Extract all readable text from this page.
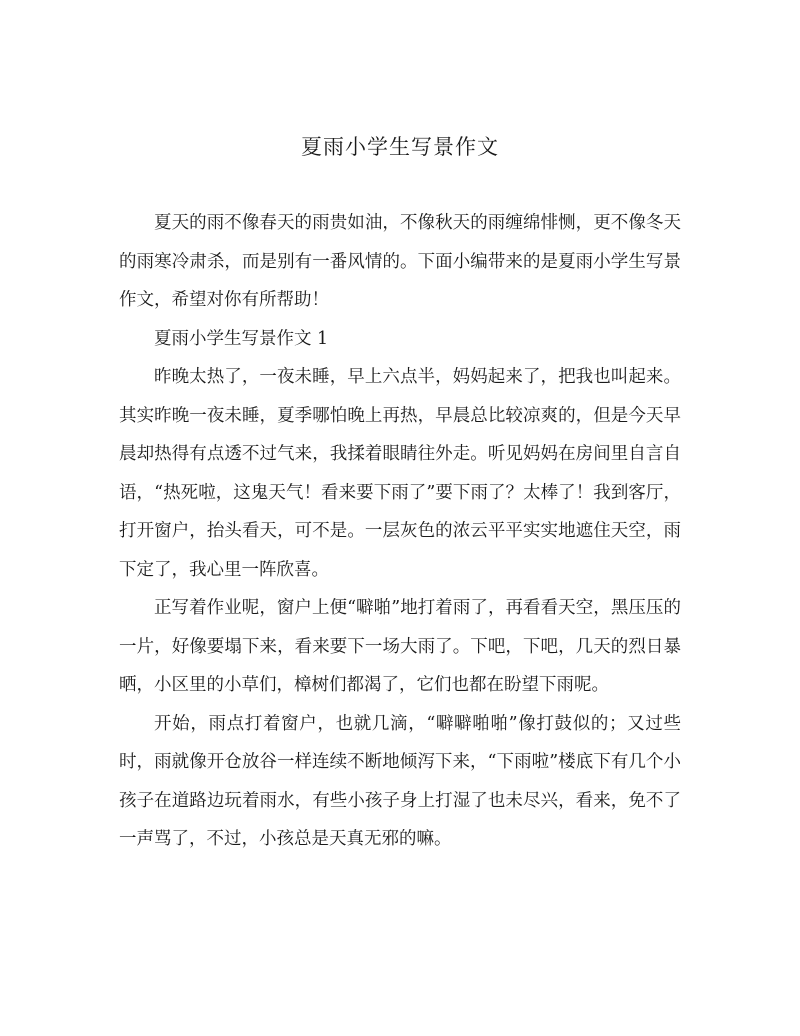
夏雨小学生写景作文

夏天的雨不像春天的雨贵如油，不像秋天的雨缠绵悱恻，更不像冬天的雨寒冷肃杀，而是别有一番风情的。下面小编带来的是夏雨小学生写景作文，希望对你有所帮助！

夏雨小学生写景作文 1

昨晚太热了，一夜未睡，早上六点半，妈妈起来了，把我也叫起来。其实昨晚一夜未睡，夏季哪怕晚上再热，早晨总比较凉爽的，但是今天早晨却热得有点透不过气来，我揉着眼睛往外走。听见妈妈在房间里自言自语，“热死啦，这鬼天气！看来要下雨了”要下雨了？太棒了！我到客厅，打开窗户，抬头看天，可不是。一层灰色的浓云平平实实地遮住天空，雨下定了，我心里一阵欣喜。

正写着作业呢，窗户上便“噼啪”地打着雨了，再看看天空，黑压压的一片，好像要塌下来，看来要下一场大雨了。下吧，下吧，几天的烈日暴晒，小区里的小草们，樟树们都渴了，它们也都在盼望下雨呢。

开始，雨点打着窗户，也就几滴，“噼噼啪啪”像打鼓似的；又过些时，雨就像开仓放谷一样连续不断地倾泻下来，“下雨啦”楼底下有几个小孩子在道路边玩着雨水，有些小孩子身上打湿了也未尽兴，看来，免不了一声骂了，不过，小孩总是天真无邪的嘛。
